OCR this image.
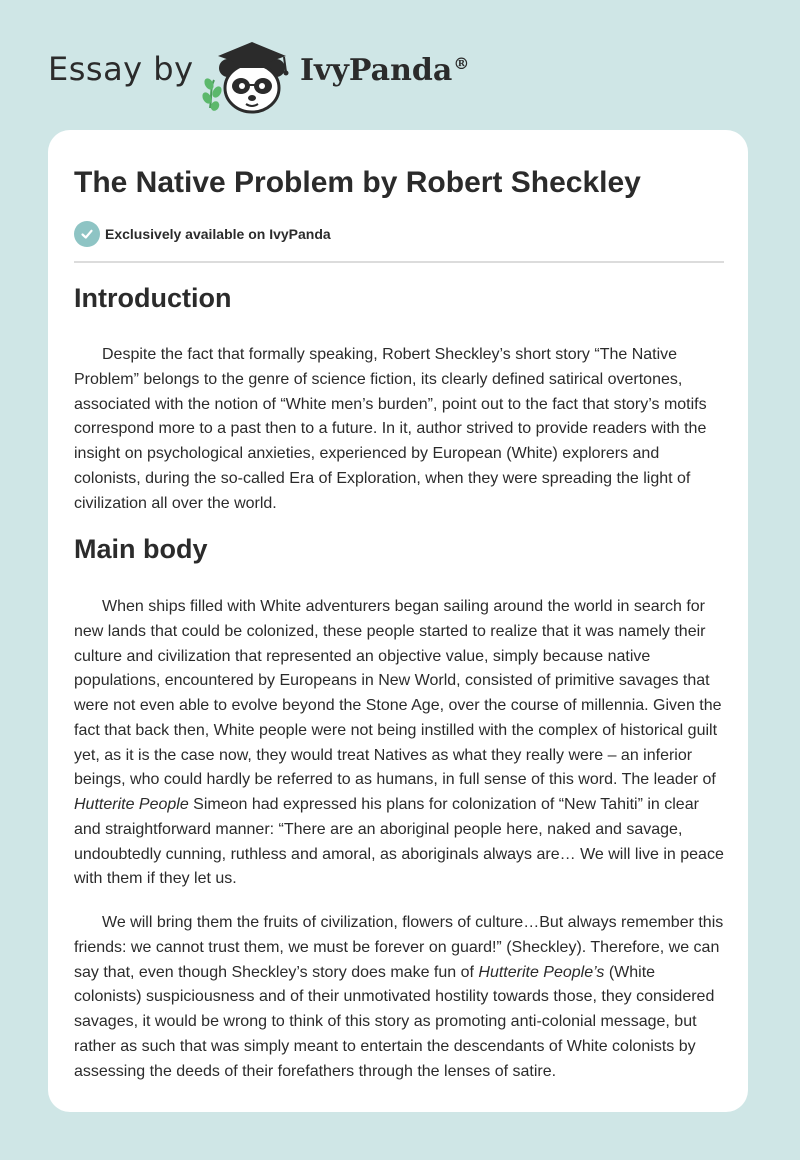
Essay by	IvyPanda®
The Native Problem by Robert Sheckley
Exclusively available on IvyPanda
Introduction

Despite the fact that formally speaking, Robert Sheckley’s short story “The Native Problem” belongs to the genre of science fiction, its clearly defined satirical overtones, associated with the notion of “White men’s burden”, point out to the fact that story’s motifs correspond more to a past then to a future. In it, author strived to provide readers with the insight on psychological anxieties, experienced by European (White) explorers and colonists, during the so-called Era of Exploration, when they were spreading the light of civilization all over the world.

Main body

When ships filled with White adventurers began sailing around the world in search for new lands that could be colonized, these people started to realize that it was namely their culture and civilization that represented an objective value, simply because native populations, encountered by Europeans in New World, consisted of primitive savages that were not even able to evolve beyond the Stone Age, over the course of millennia. Given the fact that back then, White people were not being instilled with the complex of historical guilt yet, as it is the case now, they would treat Natives as what they really were – an inferior beings, who could hardly be referred to as humans, in full sense of this word. The leader of Hutterite People Simeon had expressed his plans for colonization of “New Tahiti” in clear and straightforward manner: “There are an aboriginal people here, naked and savage, undoubtedly cunning, ruthless and amoral, as aboriginals always are… We will live in peace with them if they let us.

We will bring them the fruits of civilization, flowers of culture…But always remember this friends: we cannot trust them, we must be forever on guard!” (Sheckley). Therefore, we can say that, even though Sheckley’s story does make fun of Hutterite People’s (White colonists) suspiciousness and of their unmotivated hostility towards those, they considered savages, it would be wrong to think of this story as promoting anti-colonial message, but rather as such that was simply meant to entertain the descendants of White colonists by assessing the deeds of their forefathers through the lenses of satire.
